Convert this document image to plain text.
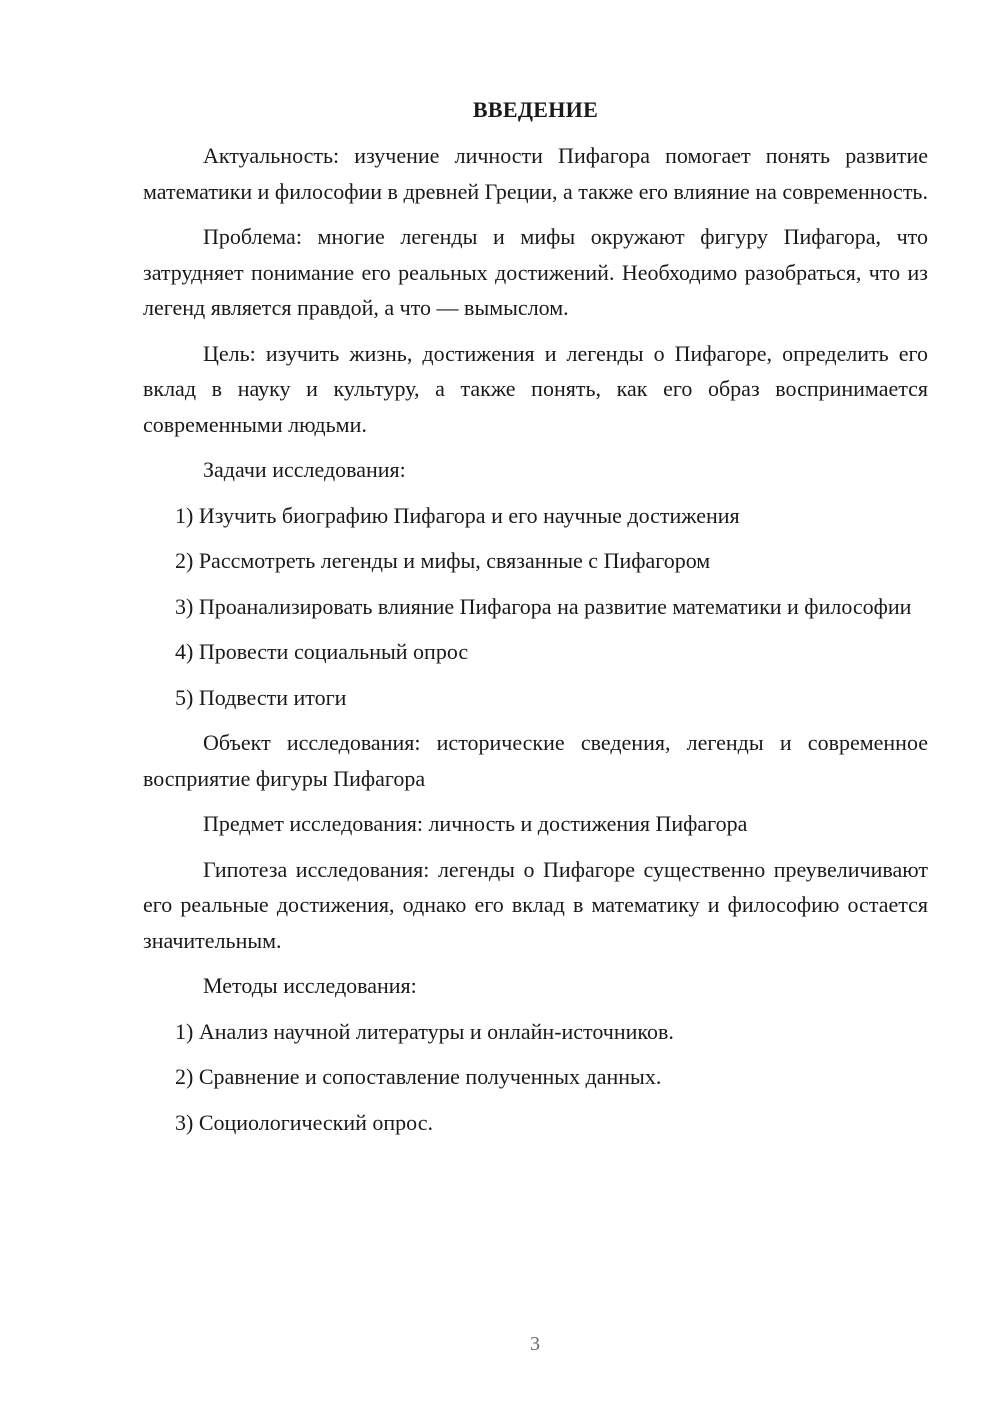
ВВЕДЕНИЕ

Актуальность: изучение личности Пифагора помогает понять развитие математики и философии в древней Греции, а также его влияние на современность.

Проблема: многие легенды и мифы окружают фигуру Пифагора, что затрудняет понимание его реальных достижений. Необходимо разобраться, что из легенд является правдой, а что — вымыслом.

Цель: изучить жизнь, достижения и легенды о Пифагоре, определить его вклад в науку и культуру, а также понять, как его образ воспринимается современными людьми.

Задачи исследования:

1) Изучить биографию Пифагора и его научные достижения

2) Рассмотреть легенды и мифы, связанные с Пифагором

3) Проанализировать влияние Пифагора на развитие математики и философии

4) Провести социальный опрос

5) Подвести итоги

Объект исследования: исторические сведения, легенды и современное восприятие фигуры Пифагора

Предмет исследования: личность и достижения Пифагора

Гипотеза исследования: легенды о Пифагоре существенно преувеличивают его реальные достижения, однако его вклад в математику и философию остается значительным.

Методы исследования:

1) Анализ научной литературы и онлайн-источников.

2) Сравнение и сопоставление полученных данных.

3) Социологический опрос.

3
